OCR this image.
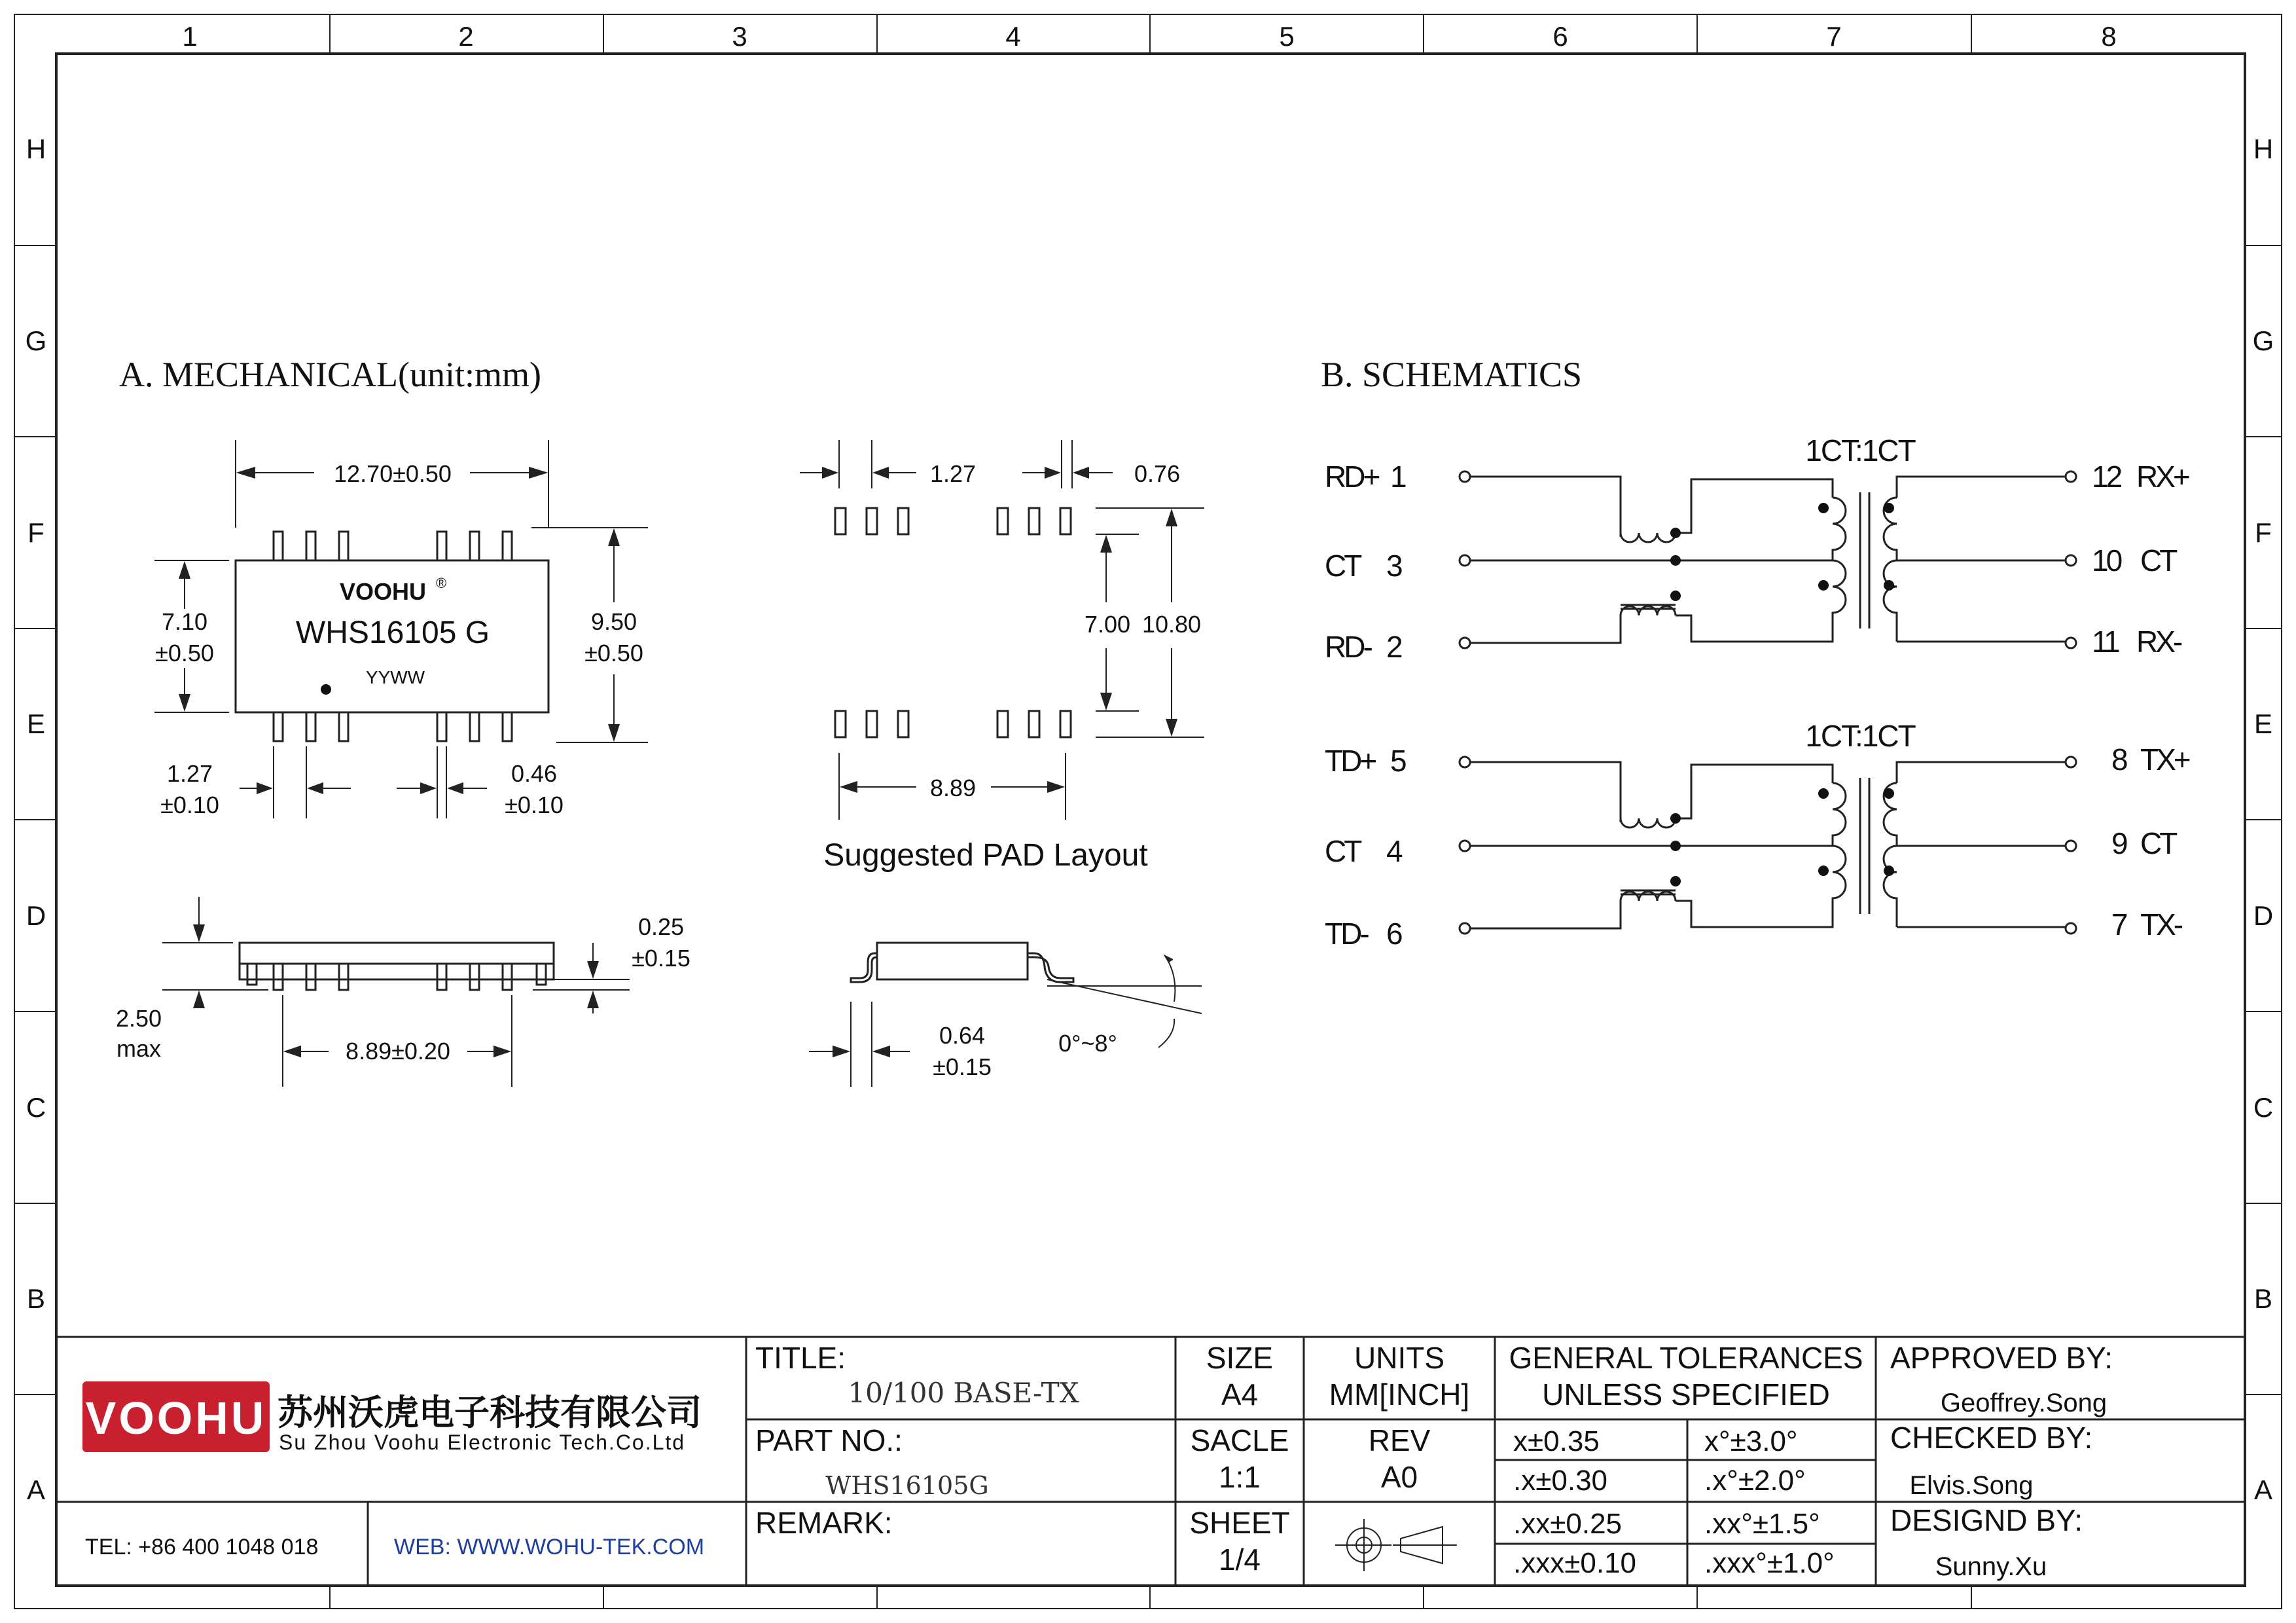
1	2	3	4	5	6	7	8
H
G
F
E
D
C
B
A
H
G
F
E
D
C
B
A
A. MECHANICAL(unit:mm)
VOOHU ®
WHS16105 G
YYWW
12.70±0.50
7.10
±0.50
9.50
±0.50
1.27
±0.10
0.46
±0.10
2.50
max
0.25
±0.15
8.89±0.20
1.27	0.76
7.00 10.80
8.89
Suggested PAD Layout
0.64
±0.15
0°~8°
B. SCHEMATICS
1CT:1CT
RD+ 1
CT 3
RD- 2
12 RX+
10 CT
11 RX-
1CT:1CT
TD+ 5
CT 4
TD- 6
8 TX+
9 CT
7 TX-
VOOHU 苏州沃虎电子科技有限公司
Su Zhou Voohu Electronic Tech.Co.Ltd
TEL: +86 400 1048 018	WEB: WWW.WOHU-TEK.COM
TITLE:
PART NO.:
REMARK:
10/100 BASE-TX
WHS16105G
SIZE
A4
SACLE
1:1
SHEET
1/4
UNITS
MM[INCH]
REV
A0
GENERAL TOLERANCES
UNLESS SPECIFIED
x±0.35	x°±3.0°
.x±0.30	.x°±2.0°
.xx±0.25	.xx°±1.5°
.xxx±0.10 .xxx°±1.0°
APPROVED BY:
Geoffrey.Song
CHECKED BY:
Elvis.Song
DESIGND BY:
Sunny.Xu
